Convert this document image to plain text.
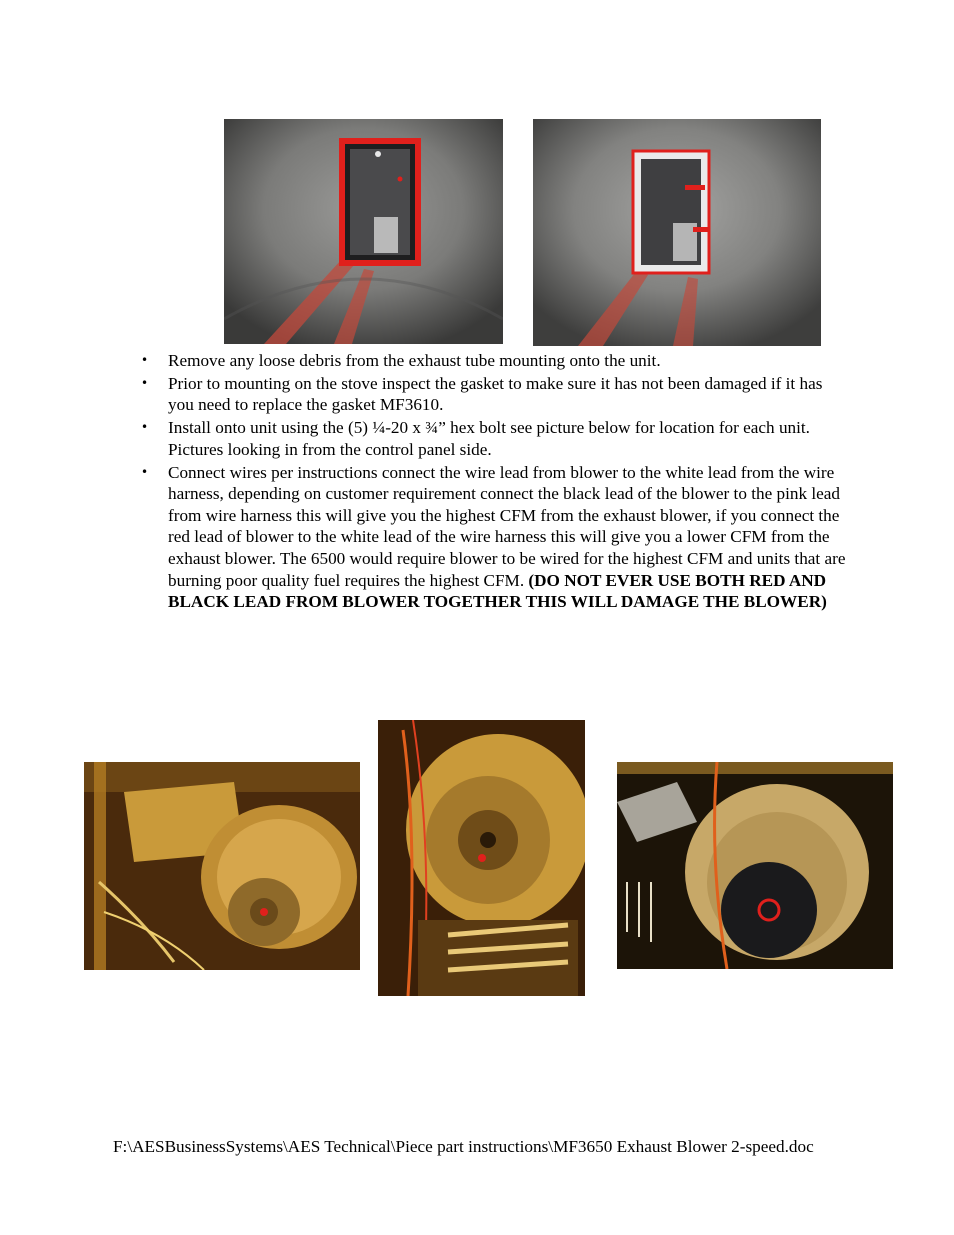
• Remove any loose debris from the exhaust tube mounting onto the unit.
• Prior to mounting on the stove inspect the gasket to make sure it has not been damaged if it has you need to replace the gasket MF3610.
• Install onto unit using the (5) ¼-20 x ¾” hex bolt see picture below for location for each unit. Pictures looking in from the control panel side.
• Connect wires per instructions connect the wire lead from blower to the white lead from the wire harness, depending on customer requirement connect the black lead of the blower to the pink lead from wire harness this will give you the highest CFM from the exhaust blower, if you connect the red lead of blower to the white lead of the wire harness this will give you a lower CFM from the exhaust blower. The 6500 would require blower to be wired for the highest CFM and units that are burning poor quality fuel requires the highest CFM. (DO NOT EVER USE BOTH RED AND BLACK LEAD FROM BLOWER TOGETHER THIS WILL DAMAGE THE BLOWER)
F:\AESBusinessSystems\AES Technical\Piece part instructions\MF3650 Exhaust Blower 2-speed.doc
